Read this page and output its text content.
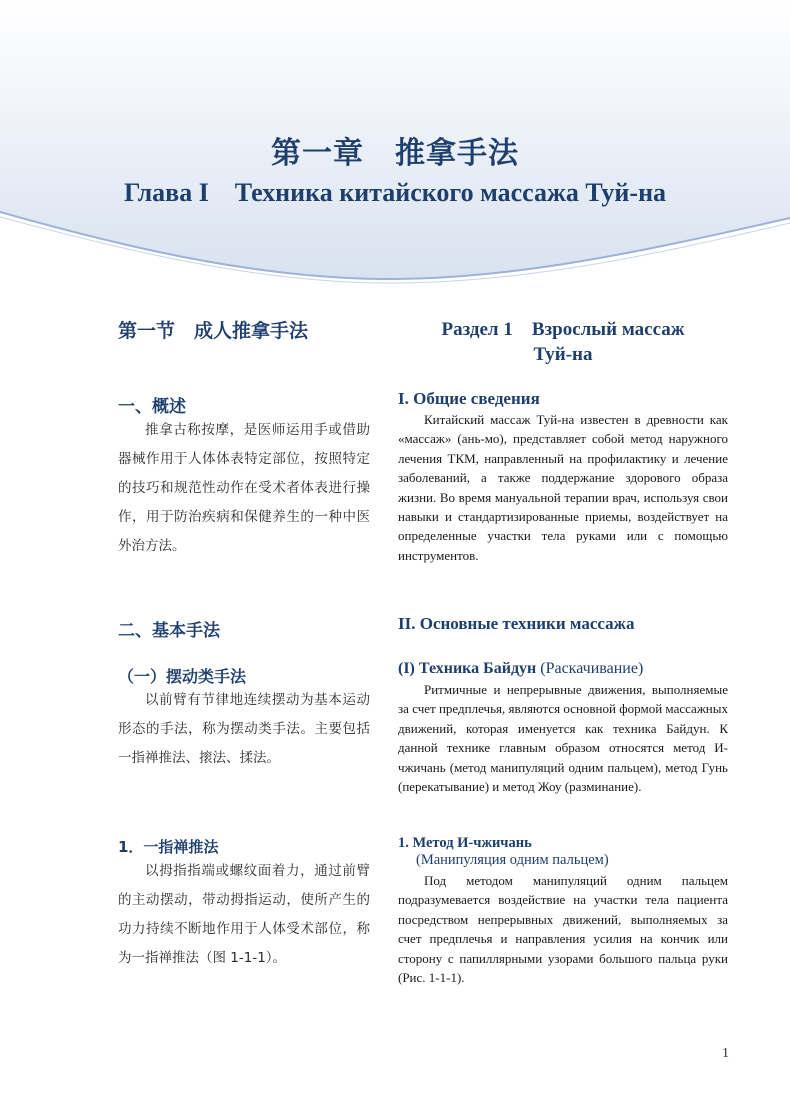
第一章　推拿手法
Глава I　Техника китайского массажа Туй-на
第一节　成人推拿手法	Раздел 1　Взрослый массаж
Туй-на
一、概述
推拿古称按摩，是医师运用手或借助器械作用于人体体表特定部位，按照特定的技巧和规范性动作在受术者体表进行操作，用于防治疾病和保健养生的一种中医外治方法。
I. Общие сведения
Китайский массаж Туй-на известен в древности как «массаж» (ань-мо), представляет собой метод наружного лечения ТКМ, направленный на профилактику и лечение заболеваний, а также поддержание здорового образа жизни. Во время мануальной терапии врач, используя свои навыки и стандартизированные приемы, воздействует на определенные участки тела руками или с помощью инструментов.
二、基本手法	II. Основные техники массажа
（一）摆动类手法
以前臂有节律地连续摆动为基本运动形态的手法，称为摆动类手法。主要包括一指禅推法、㨰法、揉法。
(I) Техника Байдун (Раскачивание)
Ритмичные и непрерывные движения, выполняемые за счет предплечья, являются основной формой массажных движений, которая именуется как техника Байдун. К данной технике главным образом относятся метод И-чжичань (метод манипуляций одним пальцем), метод Гунь (перекатывание) и метод Жоу (разминание).
1．一指禅推法
以拇指指端或螺纹面着力，通过前臂的主动摆动，带动拇指运动，使所产生的功力持续不断地作用于人体受术部位，称为一指禅推法（图 1-1-1）。
1. Метод И-чжичань
(Манипуляция одним пальцем)
Под методом манипуляций одним пальцем подразумевается воздействие на участки тела пациента посредством непрерывных движений, выполняемых за счет предплечья и направления усилия на кончик или сторону с папиллярными узорами большого пальца руки (Рис. 1-1-1).
1
